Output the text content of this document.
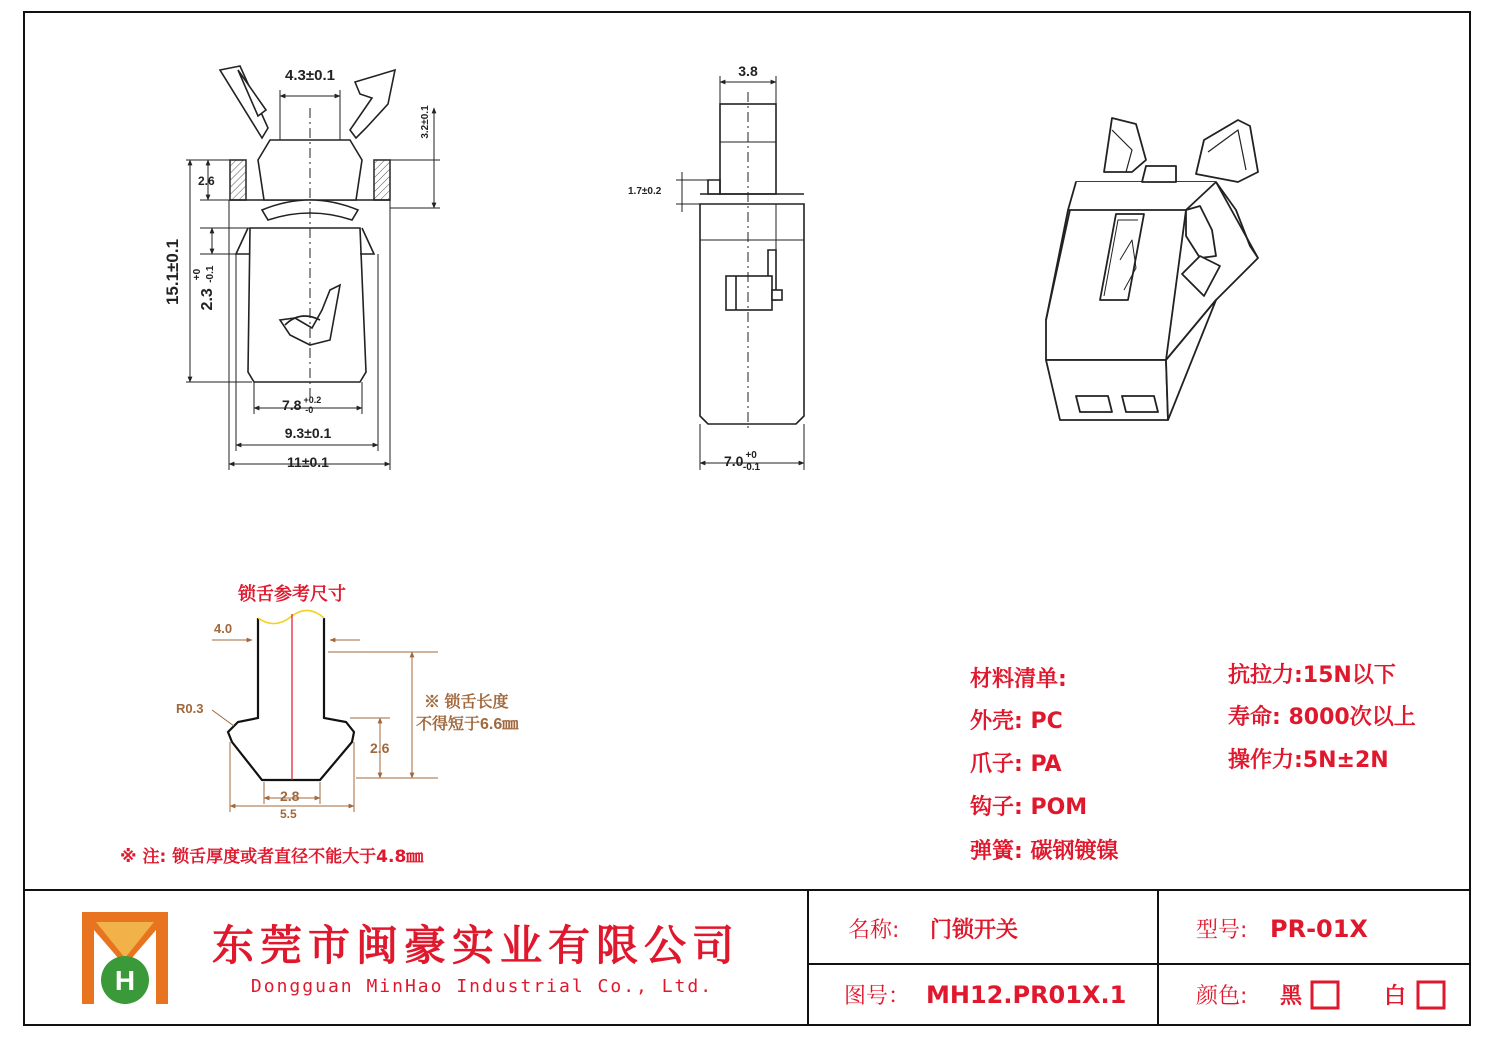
4.3±0.1
3.2±0.1
2.6
15.1±0.1	$2.3^{+0}$ -0.1
7.8 $^{+0.2}$ -0
9.3±0.1
11±0.1
3.8
1.7±0.2
7.0 $^{+0}$ -0.1
锁舌参考尺寸
4.0
R0.3
2.6
2.8
5.5
※ 锁舌长度
不得短于6.6㎜
※ 注: 锁舌厚度或者直径不能大于4.8㎜
材料清单:
外壳: PC
爪子: PA
钩子: POM
弹簧: 碳钢镀镍
抗拉力:15N以下
寿命: 8000次以上
操作力:5N±2N
H
东莞市闽豪实业有限公司
Dongguan MinHao Industrial Co., Ltd.
名称: 门锁开关	型号: PR-01X
图号： MH12.PR01X.1	颜色: 黑	白
